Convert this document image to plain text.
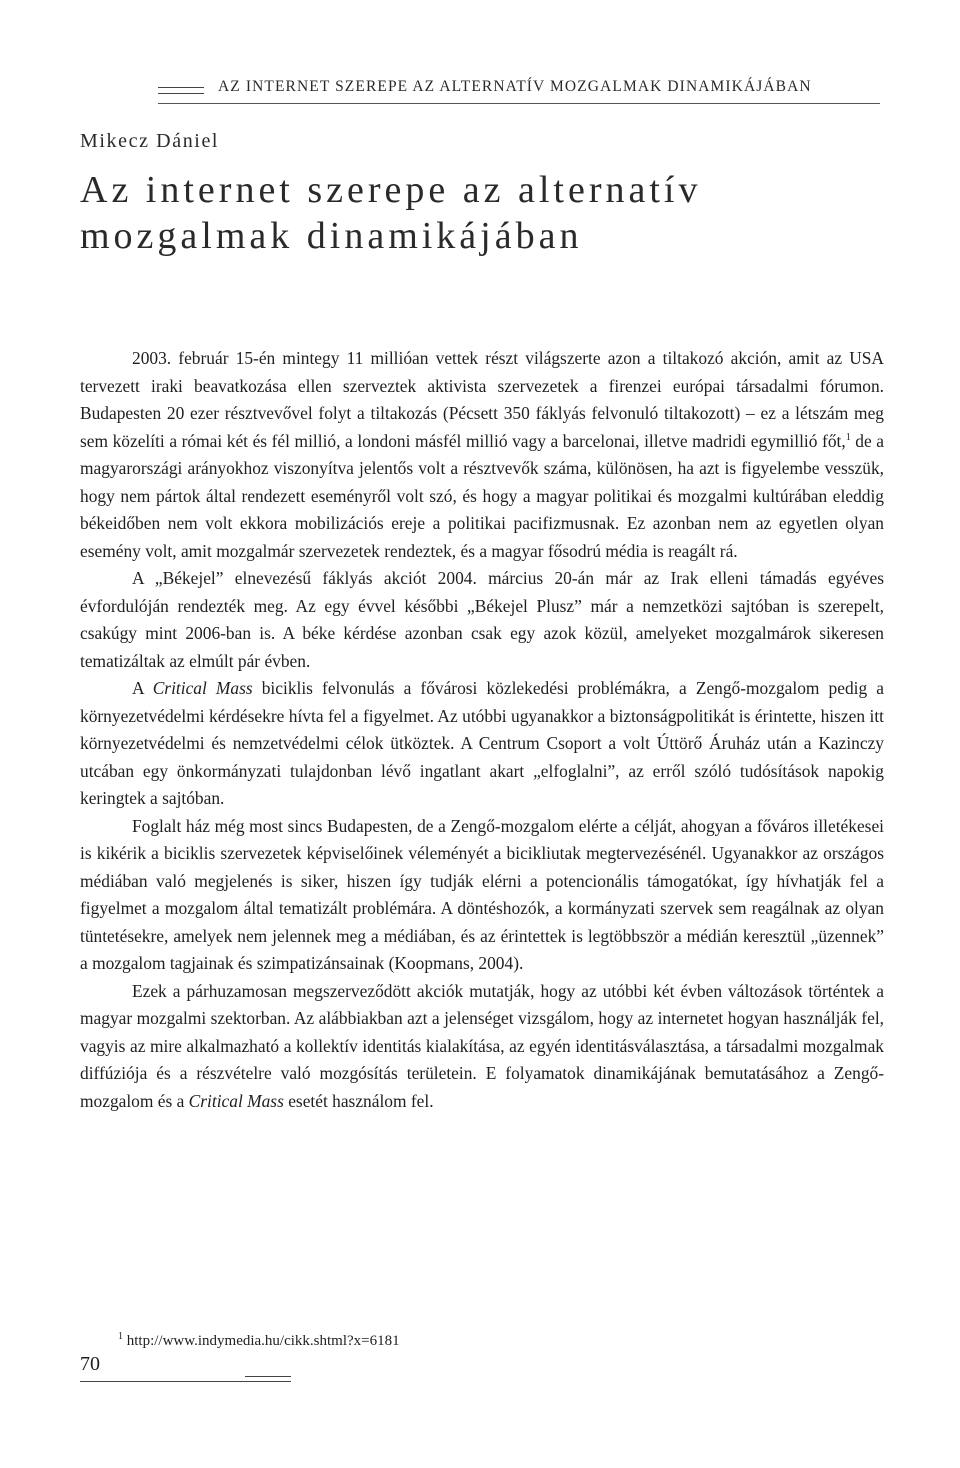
AZ INTERNET SZEREPE AZ ALTERNATÍV MOZGALMAK DINAMIKÁJÁBAN
Mikecz Dániel
Az internet szerepe az alternatív
mozgalmak dinamikájában

2003. február 15-én mintegy 11 millióan vettek részt világszerte azon a tiltakozó akción, amit az USA tervezett iraki beavatkozása ellen szerveztek aktivista szervezetek a firenzei európai társadalmi fórumon. Budapesten 20 ezer résztvevővel folyt a tiltakozás (Pécsett 350 fáklyás felvonuló tiltakozott) – ez a létszám meg sem közelíti a római két és fél millió, a londoni másfél millió vagy a barcelonai, illetve madridi egymillió főt,$^1$ de a magyarországi arányokhoz viszonyítva jelentős volt a résztvevők száma, különösen, ha azt is figyelembe vesszük, hogy nem pártok által rendezett eseményről volt szó, és hogy a magyar politikai és mozgalmi kultúrában eleddig békeidőben nem volt ekkora mobilizációs ereje a politikai pacifizmusnak. Ez azonban nem az egyetlen olyan esemény volt, amit mozgalmár szervezetek rendeztek, és a magyar fősodrú média is reagált rá.

A „Békejel” elnevezésű fáklyás akciót 2004. március 20-án már az Irak elleni támadás egyéves évfordulóján rendezték meg. Az egy évvel későbbi „Békejel Plusz” már a nemzetközi sajtóban is szerepelt, csakúgy mint 2006-ban is. A béke kérdése azonban csak egy azok közül, amelyeket mozgalmárok sikeresen tematizáltak az elmúlt pár évben.

A Critical Mass biciklis felvonulás a fővárosi közlekedési problémákra, a Zengő-mozgalom pedig a környezetvédelmi kérdésekre hívta fel a figyelmet. Az utóbbi ugyanakkor a biztonságpolitikát is érintette, hiszen itt környezetvédelmi és nemzetvédelmi célok ütköztek. A Centrum Csoport a volt Úttörő Áruház után a Kazinczy utcában egy önkormányzati tulajdonban lévő ingatlant akart „elfoglalni”, az erről szóló tudósítások napokig keringtek a sajtóban.

Foglalt ház még most sincs Budapesten, de a Zengő-mozgalom elérte a célját, ahogyan a főváros illetékesei is kikérik a biciklis szervezetek képviselőinek véleményét a bicikliutak megtervezésénél. Ugyanakkor az országos médiában való megjelenés is siker, hiszen így tudják elérni a potencionális támogatókat, így hívhatják fel a figyelmet a mozgalom által tematizált problémára. A döntéshozók, a kormányzati szervek sem reagálnak az olyan tüntetésekre, amelyek nem jelennek meg a médiában, és az érintettek is legtöbbször a médián keresztül „üzennek” a mozgalom tagjainak és szimpatizánsainak (Koopmans, 2004).

Ezek a párhuzamosan megszerveződött akciók mutatják, hogy az utóbbi két évben változások történtek a magyar mozgalmi szektorban. Az alábbiakban azt a jelenséget vizsgálom, hogy az internetet hogyan használják fel, vagyis az mire alkalmazható a kollektív identitás kialakítása, az egyén identitásválasztása, a társadalmi mozgalmak diffúziója és a részvételre való mozgósítás területein. E folyamatok dinamikájának bemutatásához a Zengő-mozgalom és a Critical Mass esetét használom fel.

$^1$ http://www.indymedia.hu/cikk.shtml?x=6181
70
